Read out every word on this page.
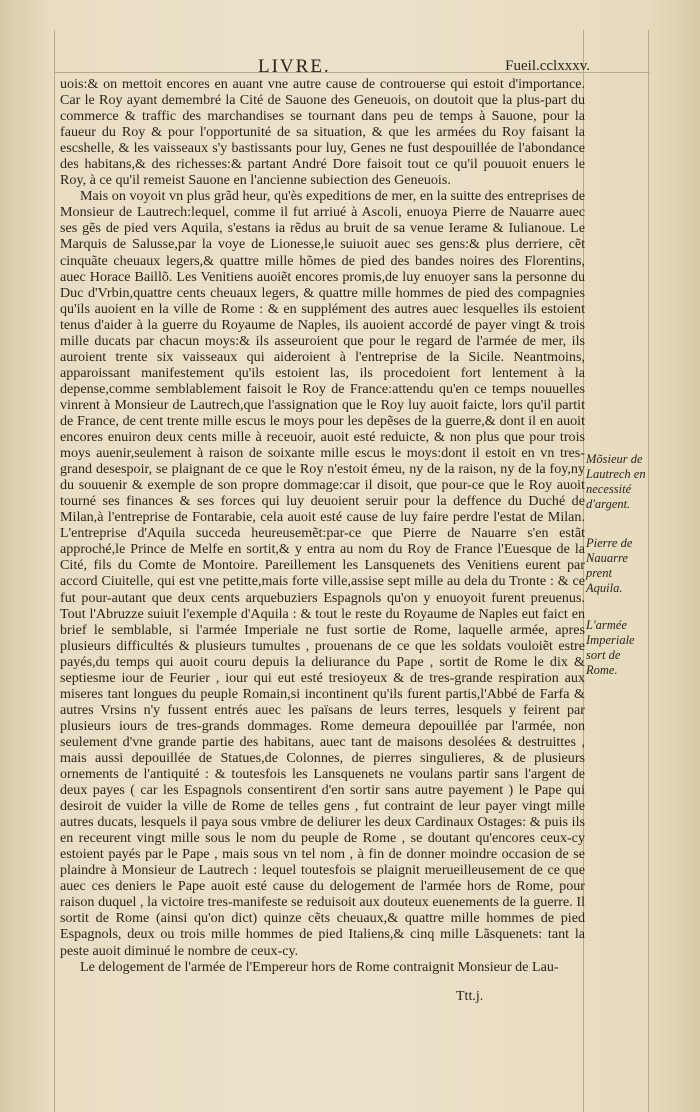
LIVRE.	Fueil.cclxxxv.

uois:& on mettoit encores en auant vne autre cause de controuerse qui estoit d'importance. Car le Roy ayant demembré la Cité de Sauone des Geneuois, on doutoit que la plus-part du commerce & traffic des marchandises se tournant dans peu de temps à Sauone, pour la faueur du Roy & pour l'opportunité de sa situation, & que les armées du Roy faisant la escshelle, & les vaisseaux s'y bastissants pour luy, Genes ne fust despouillée de l'abondance des habitans,& des richesses:& partant André Dore faisoit tout ce qu'il pouuoit enuers le Roy, à ce qu'il remeist Sauone en l'ancienne subiection des Geneuois.

Mais on voyoit vn plus grãd heur, qu'ès expeditions de mer, en la suitte des entreprises de Monsieur de Lautrech:lequel, comme il fut arriué à Ascoli, enuoya Pierre de Nauarre auec ses gẽs de pied vers Aquila, s'estans ia rẽdus au bruit de sa venue Ierame & Iulianoue. Le Marquis de Salusse,par la voye de Lionesse,le suiuoit auec ses gens:& plus derriere, cẽt cinquãte cheuaux legers,& quattre mille hõmes de pied des bandes noires des Florentins, auec Horace Baillõ. Les Venitiens auoiẽt encores promis,de luy enuoyer sans la personne du Duc d'Vrbin,quattre cents cheuaux legers, & quattre mille hommes de pied des compagnies qu'ils auoient en la ville de Rome : & en supplément des autres auec lesquelles ils estoient tenus d'aider à la guerre du Royaume de Naples, ils auoient accordé de payer vingt & trois mille ducats par chacun moys:& ils asseuroient que pour le regard de l'armée de mer, ils auroient trente six vaisseaux qui aideroient à l'entreprise de la Sicile. Neantmoins, apparoissant manifestement qu'ils estoient las, ils procedoient fort lentement à la depense,comme semblablement faisoit le Roy de France:attendu qu'en ce temps nouuelles vinrent à Monsieur de Lautrech,que l'assignation que le Roy luy auoit faicte, lors qu'il partit de France, de cent trente mille escus le moys pour les depẽses de la guerre,& dont il en auoit encores enuiron deux cents mille à receuoir, auoit esté reduicte, & non plus que pour trois moys auenir,seulement à raison de soixante mille escus le moys:dont il estoit en vn tres-grand desespoir, se plaignant de ce que le Roy n'estoit émeu, ny de la raison, ny de la foy,ny du souuenir & exemple de son propre dommage:car il disoit, que pour-ce que le Roy auoit tourné ses finances & ses forces qui luy deuoient seruir pour la deffence du Duché de Milan,à l'entreprise de Fontarabie, cela auoit esté cause de luy faire perdre l'estat de Milan. L'entreprise d'Aquila succeda heureusemẽt:par-ce que Pierre de Nauarre s'en estãt approché,le Prince de Melfe en sortit,& y entra au nom du Roy de France l'Euesque de la Cité, fils du Comte de Montoire. Pareillement les Lansquenets des Venitiens eurent par accord Ciuitelle, qui est vne petitte,mais forte ville,assise sept mille au dela du Tronte : & ce fut pour-autant que deux cents arquebuziers Espagnols qu'on y enuoyoit furent preuenus. Tout l'Abruzze suiuit l'exemple d'Aquila : & tout le reste du Royaume de Naples eut faict en brief le semblable, si l'armée Imperiale ne fust sortie de Rome, laquelle armée, apres plusieurs difficultés & plusieurs tumultes , prouenans de ce que les soldats vouloiẽt estre payés,du temps qui auoit couru depuis la deliurance du Pape , sortit de Rome le dix & septiesme iour de Feurier , iour qui eut esté tresioyeux & de tres-grande respiration aux miseres tant longues du peuple Romain,si incontinent qu'ils furent partis,l'Abbé de Farfa & autres Vrsins n'y fussent entrés auec les païsans de leurs terres, lesquels y feirent par plusieurs iours de tres-grands dommages. Rome demeura depouillée par l'armée, non seulement d'vne grande partie des habitans, auec tant de maisons desolées & destruittes , mais aussi depouillée de Statues,de Colonnes, de pierres singulieres, & de plusieurs ornements de l'antiquité : & toutesfois les Lansquenets ne voulans partir sans l'argent de deux payes ( car les Espagnols consentirent d'en sortir sans autre payement ) le Pape qui desiroit de vuider la ville de Rome de telles gens , fut contraint de leur payer vingt mille autres ducats, lesquels il paya sous vmbre de deliurer les deux Cardinaux Ostages: & puis ils en receurent vingt mille sous le nom du peuple de Rome , se doutant qu'encores ceux-cy estoient payés par le Pape , mais sous vn tel nom , à fin de donner moindre occasion de se plaindre à Monsieur de Lautrech : lequel toutesfois se plaignit merueilleusement de ce que auec ces deniers le Pape auoit esté cause du delogement de l'armée hors de Rome, pour raison duquel , la victoire tres-manifeste se reduisoit aux douteux euenements de la guerre. Il sortit de Rome (ainsi qu'on dict) quinze cẽts cheuaux,& quattre mille hommes de pied Espagnols, deux ou trois mille hommes de pied Italiens,& cinq mille Lãsquenets: tant la peste auoit diminué le nombre de ceux-cy.

Le delogement de l'armée de l'Empereur hors de Rome contraignit Monsieur de Lau-

Ttt.j.
Mõsieur de Lautrech en necessité d'argent.
Pierre de Nauarre prent Aquila.
L'armée Imperiale sort de Rome.
